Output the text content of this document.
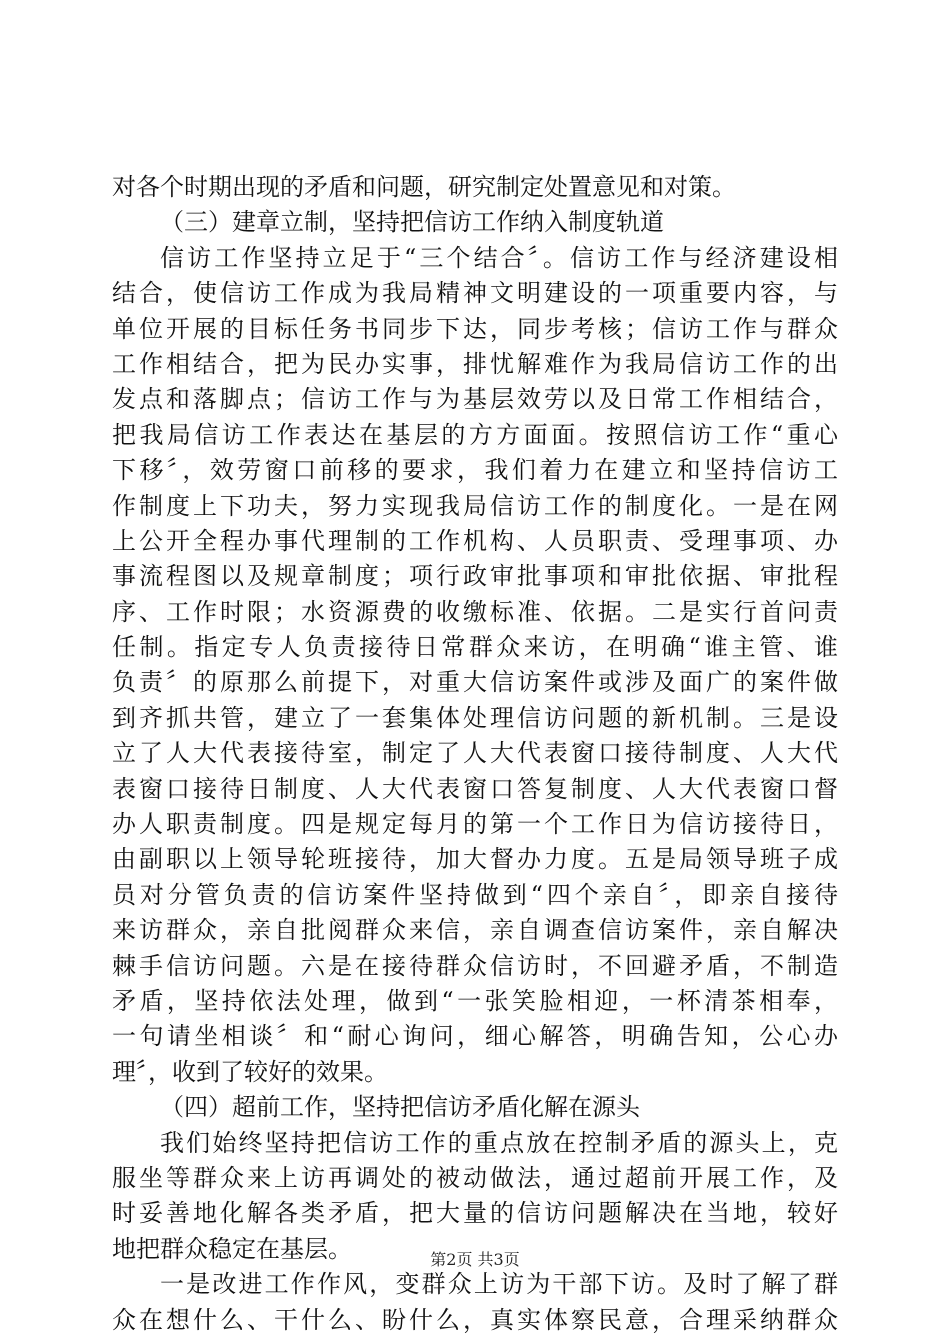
对各个时期出现的矛盾和问题，研究制定处置意见和对策。
（三）建章立制，坚持把信访工作纳入制度轨道
信访工作坚持立足于“三个结合〞。信访工作与经济建设相
结合，使信访工作成为我局精神文明建设的一项重要内容，与
单位开展的目标任务书同步下达，同步考核；信访工作与群众
工作相结合，把为民办实事，排忧解难作为我局信访工作的出
发点和落脚点；信访工作与为基层效劳以及日常工作相结合，
把我局信访工作表达在基层的方方面面。按照信访工作“重心
下移〞，效劳窗口前移的要求，我们着力在建立和坚持信访工
作制度上下功夫，努力实现我局信访工作的制度化。一是在网
上公开全程办事代理制的工作机构、人员职责、受理事项、办
事流程图以及规章制度；项行政审批事项和审批依据、审批程
序、工作时限；水资源费的收缴标准、依据。二是实行首问责
任制。指定专人负责接待日常群众来访，在明确“谁主管、谁
负责〞的原那么前提下，对重大信访案件或涉及面广的案件做
到齐抓共管，建立了一套集体处理信访问题的新机制。三是设
立了人大代表接待室，制定了人大代表窗口接待制度、人大代
表窗口接待日制度、人大代表窗口答复制度、人大代表窗口督
办人职责制度。四是规定每月的第一个工作日为信访接待日，
由副职以上领导轮班接待，加大督办力度。五是局领导班子成
员对分管负责的信访案件坚持做到“四个亲自〞，即亲自接待
来访群众，亲自批阅群众来信，亲自调查信访案件，亲自解决
棘手信访问题。六是在接待群众信访时，不回避矛盾，不制造
矛盾，坚持依法处理，做到“一张笑脸相迎，一杯清茶相奉，
一句请坐相谈〞和“耐心询问，细心解答，明确告知，公心办
理〞，收到了较好的效果。
（四）超前工作，坚持把信访矛盾化解在源头
我们始终坚持把信访工作的重点放在控制矛盾的源头上，克
服坐等群众来上访再调处的被动做法，通过超前开展工作，及
时妥善地化解各类矛盾，把大量的信访问题解决在当地，较好
地把群众稳定在基层。
一是改进工作作风，变群众上访为干部下访。及时了解了群
众在想什么、干什么、盼什么，真实体察民意，合理采纳群众
第2页 共3页
